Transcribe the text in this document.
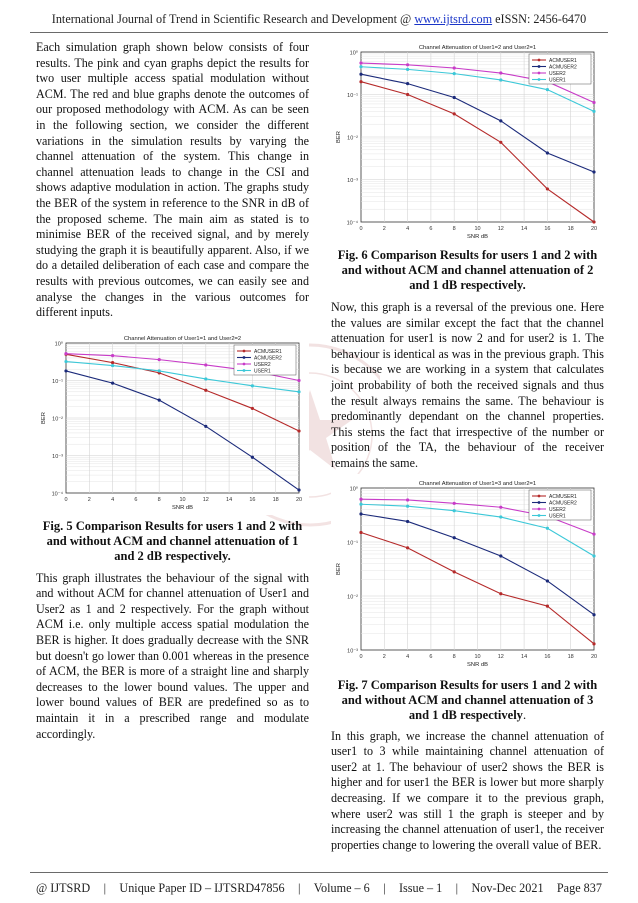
International Journal of Trend in Scientific Research and Development @ www.ijtsrd.com eISSN: 2456-6470

Each simulation graph shown below consists of four results. The pink and cyan graphs depict the results for two user multiple access spatial modulation without ACM. The red and blue graphs denote the outcomes of our proposed methodology with ACM. As can be seen in the following section, we consider the different variations in the simulation results by varying the channel attenuation of the system. This change in channel attenuation leads to change in the CSI and shows adaptive modulation in action. The graphs study the BER of the system in reference to the SNR in dB of the proposed scheme. The main aim as stated is to minimise BER of the received signal, and by merely studying the graph it is beautifully apparent. Also, if we do a detailed deliberation of each case and compare the results with previous outcomes, we can easily see and analyse the changes in the various outcomes for different inputs.

10⁻⁴
10⁻³
10⁻²
10⁻¹
10⁰
0	2	4	6	8	10	12	14	16	18	20
Channel Attenuation of User1=1 and User2=2
SNR dB
BER
ACMUSER1
ACMUSER2
USER2
USER1

Fig. 5 Comparison Results for users 1 and 2 with and without ACM and channel attenuation of 1 and 2 dB respectively.

This graph illustrates the behaviour of the signal with and without ACM for channel attenuation of User1 and User2 as 1 and 2 respectively. For the graph without ACM i.e. only multiple access spatial modulation the BER is higher. It does gradually decrease with the SNR but doesn't go lower than 0.001 whereas in the presence of ACM, the BER is more of a straight line and sharply decreases to the lower bound values. The upper and lower bound values of BER are predefined so as to maintain it in a prescribed range and modulate accordingly.

10⁻⁴
10⁻³
10⁻²
10⁻¹
10⁰
0	2	4	6	8	10	12	14	16	18	20
Channel Attenuation of User1=2 and User2=1
SNR dB
BER
ACMUSER1
ACMUSER2
USER2
USER1

Fig. 6 Comparison Results for users 1 and 2 with and without ACM and channel attenuation of 2 and 1 dB respectively.

Now, this graph is a reversal of the previous one. Here the values are similar except the fact that the channel attenuation for user1 is now 2 and for user2 is 1. The behaviour is identical as was in the previous graph. This is because we are working in a system that calculates joint probability of both the received signals and thus the result always remains the same. The behaviour is predominantly dependant on the channel properties. This stems the fact that irrespective of the number or position of the TA, the behaviour of the receiver remains the same.

10⁻³
10⁻²
10⁻¹
10⁰
0	2	4	6	8	10	12	14	16	18	20
Channel Attenuation of User1=3 and User2=1
SNR dB
BER
ACMUSER1
ACMUSER2
USER2
USER1

Fig. 7 Comparison Results for users 1 and 2 with and without ACM and channel attenuation of 3 and 1 dB respectively.

In this graph, we increase the channel attenuation of user1 to 3 while maintaining channel attenuation of user2 at 1. The behaviour of user2 shows the BER is higher and for user1 the BER is lower but more sharply decreasing. If we compare it to the previous graph, where user2 was still 1 the graph is steeper and by increasing the channel attenuation of user1, the receiver properties change to lowering the overall value of BER.

@ IJTSRD | Unique Paper ID – IJTSRD47856 | Volume – 6 | Issue – 1 | Nov-Dec 2021 Page 837
